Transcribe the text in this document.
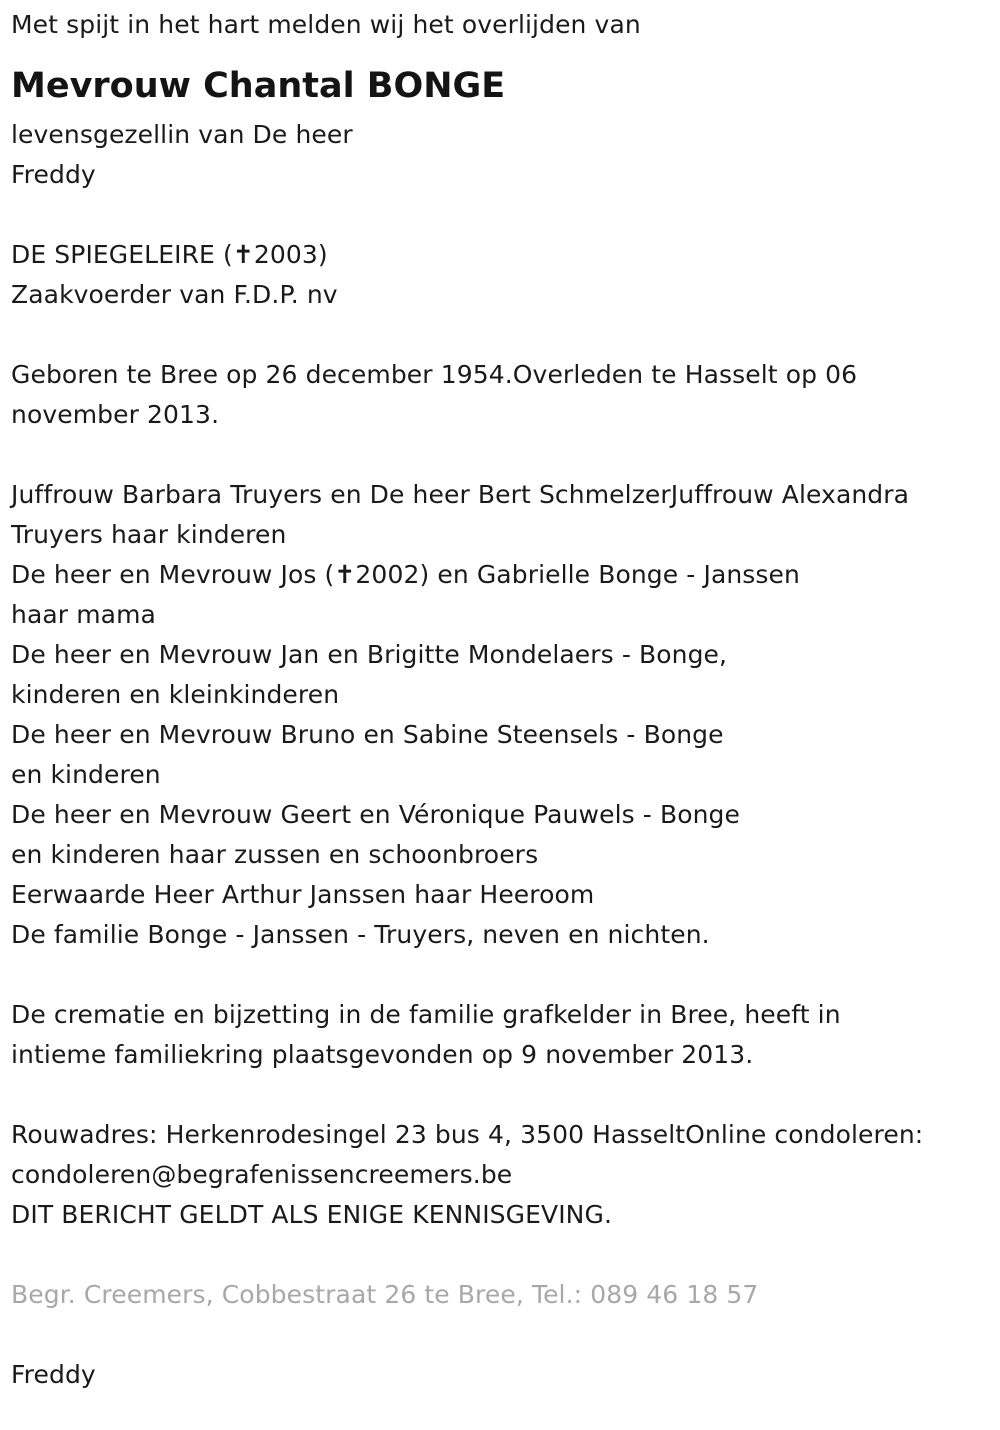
Met spijt in het hart melden wij het overlijden van
Mevrouw Chantal BONGE
levensgezellin van De heer
Freddy
DE SPIEGELEIRE (✝2003)
Zaakvoerder van F.D.P. nv
Geboren te Bree op 26 december 1954.Overleden te Hasselt op 06
november 2013.
Juffrouw Barbara Truyers en De heer Bert SchmelzerJuffrouw Alexandra
Truyers haar kinderen
De heer en Mevrouw Jos (✝2002) en Gabrielle Bonge - Janssen
haar mama
De heer en Mevrouw Jan en Brigitte Mondelaers - Bonge,
kinderen en kleinkinderen
De heer en Mevrouw Bruno en Sabine Steensels - Bonge
en kinderen
De heer en Mevrouw Geert en Véronique Pauwels - Bonge
en kinderen haar zussen en schoonbroers
Eerwaarde Heer Arthur Janssen haar Heeroom
De familie Bonge - Janssen - Truyers, neven en nichten.
De crematie en bijzetting in de familie grafkelder in Bree, heeft in
intieme familiekring plaatsgevonden op 9 november 2013.
Rouwadres: Herkenrodesingel 23 bus 4, 3500 HasseltOnline condoleren:
condoleren@begrafenissencreemers.be
DIT BERICHT GELDT ALS ENIGE KENNISGEVING.
Begr. Creemers, Cobbestraat 26 te Bree, Tel.: 089 46 18 57
Freddy
